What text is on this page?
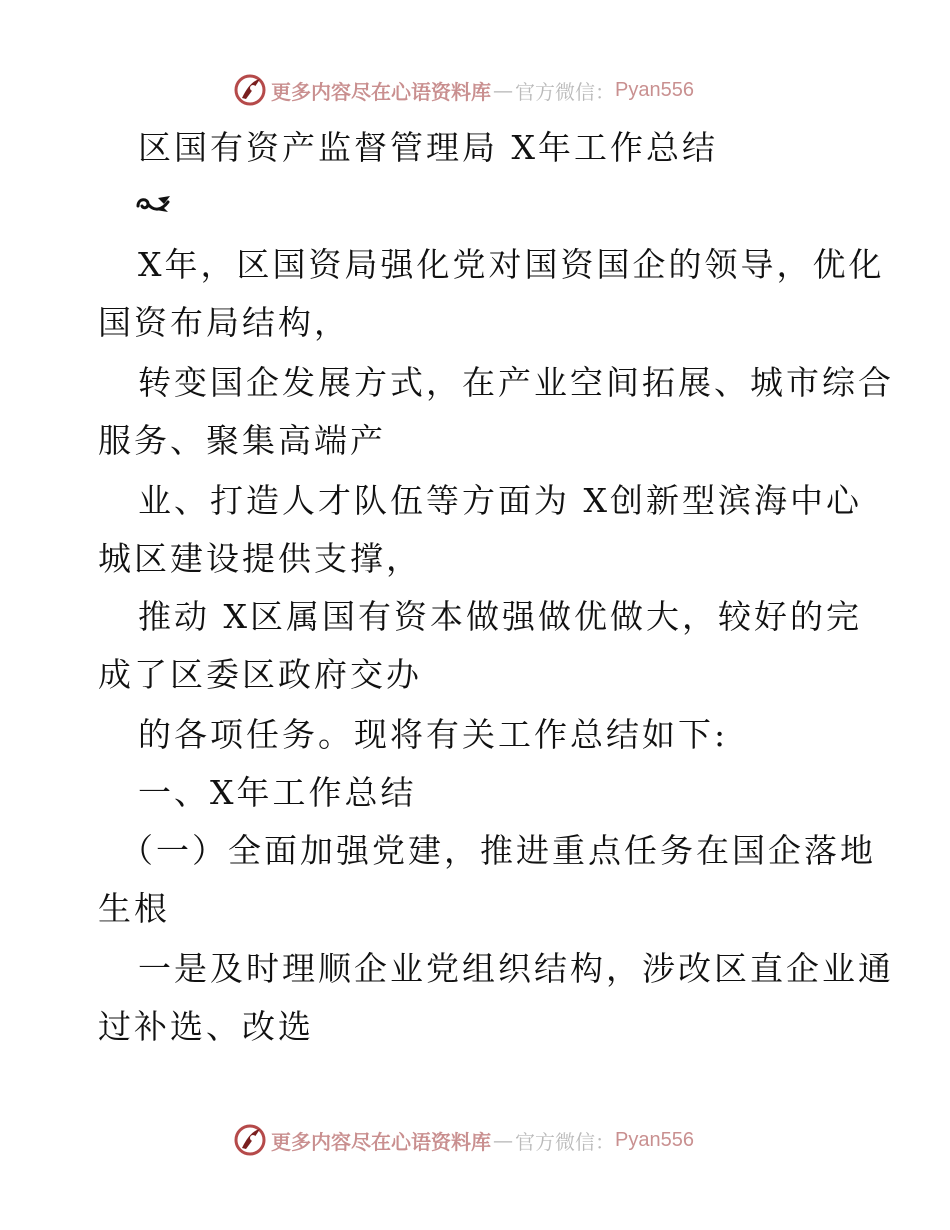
更多内容尽在心语资料库 — 官方微信： Pyan556
区国有资产监督管理局 X年工作总结
X年，区国资局强化党对国资国企的领导，优化
国资布局结构，
转变国企发展方式，在产业空间拓展、城市综合
服务、聚集高端产
业、打造人才队伍等方面为 X创新型滨海中心
城区建设提供支撑，
推动 X区属国有资本做强做优做大，较好的完
成了区委区政府交办
的各项任务。现将有关工作总结如下:
一、X年工作总结
（一）全面加强党建，推进重点任务在国企落地
生根
一是及时理顺企业党组织结构，涉改区直企业通
过补选、改选
更多内容尽在心语资料库 — 官方微信： Pyan556
